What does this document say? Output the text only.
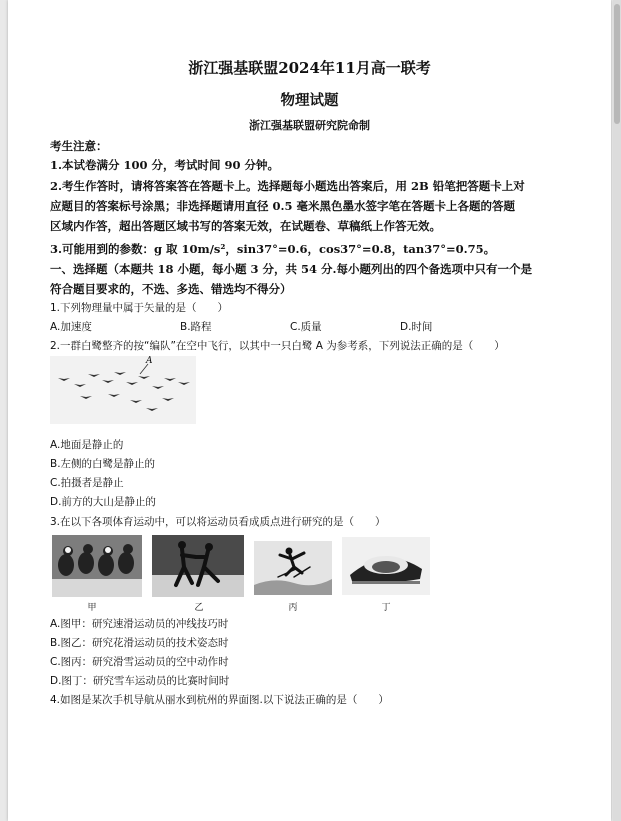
浙江强基联盟2024年11月高一联考
物理试题
浙江强基联盟研究院命制
考生注意：
1.本试卷满分 100 分，考试时间 90 分钟。
2.考生作答时，请将答案答在答题卡上。选择题每小题选出答案后，用 2B 铅笔把答题卡上对
应题目的答案标号涂黑；非选择题请用直径 0.5 毫米黑色墨水签字笔在答题卡上各题的答题
区域内作答，超出答题区域书写的答案无效，在试题卷、草稿纸上作答无效。
3.可能用到的参数：g 取 10m/s²，sin37°=0.6，cos37°=0.8，tan37°=0.75。
一、选择题（本题共 18 小题，每小题 3 分，共 54 分.每小题列出的四个备选项中只有一个是
符合题目要求的，不选、多选、错选均不得分）
1.下列物理量中属于矢量的是（　　）
A.加速度	B.路程	C.质量	D.时间
2.一群白鹭整齐的按“编队”在空中飞行，以其中一只白鹭 A 为参考系，下列说法正确的是（　　）
A
A.地面是静止的
B.左侧的白鹭是静止的
C.拍摄者是静止
D.前方的大山是静止的
3.在以下各项体育运动中，可以将运动员看成质点进行研究的是（　　）
甲	乙	丙	丁
A.图甲：研究速滑运动员的冲线技巧时
B.图乙：研究花滑运动员的技术姿态时
C.图丙：研究滑雪运动员的空中动作时
D.图丁：研究雪车运动员的比赛时间时
4.如图是某次手机导航从丽水到杭州的界面图.以下说法正确的是（　　）
